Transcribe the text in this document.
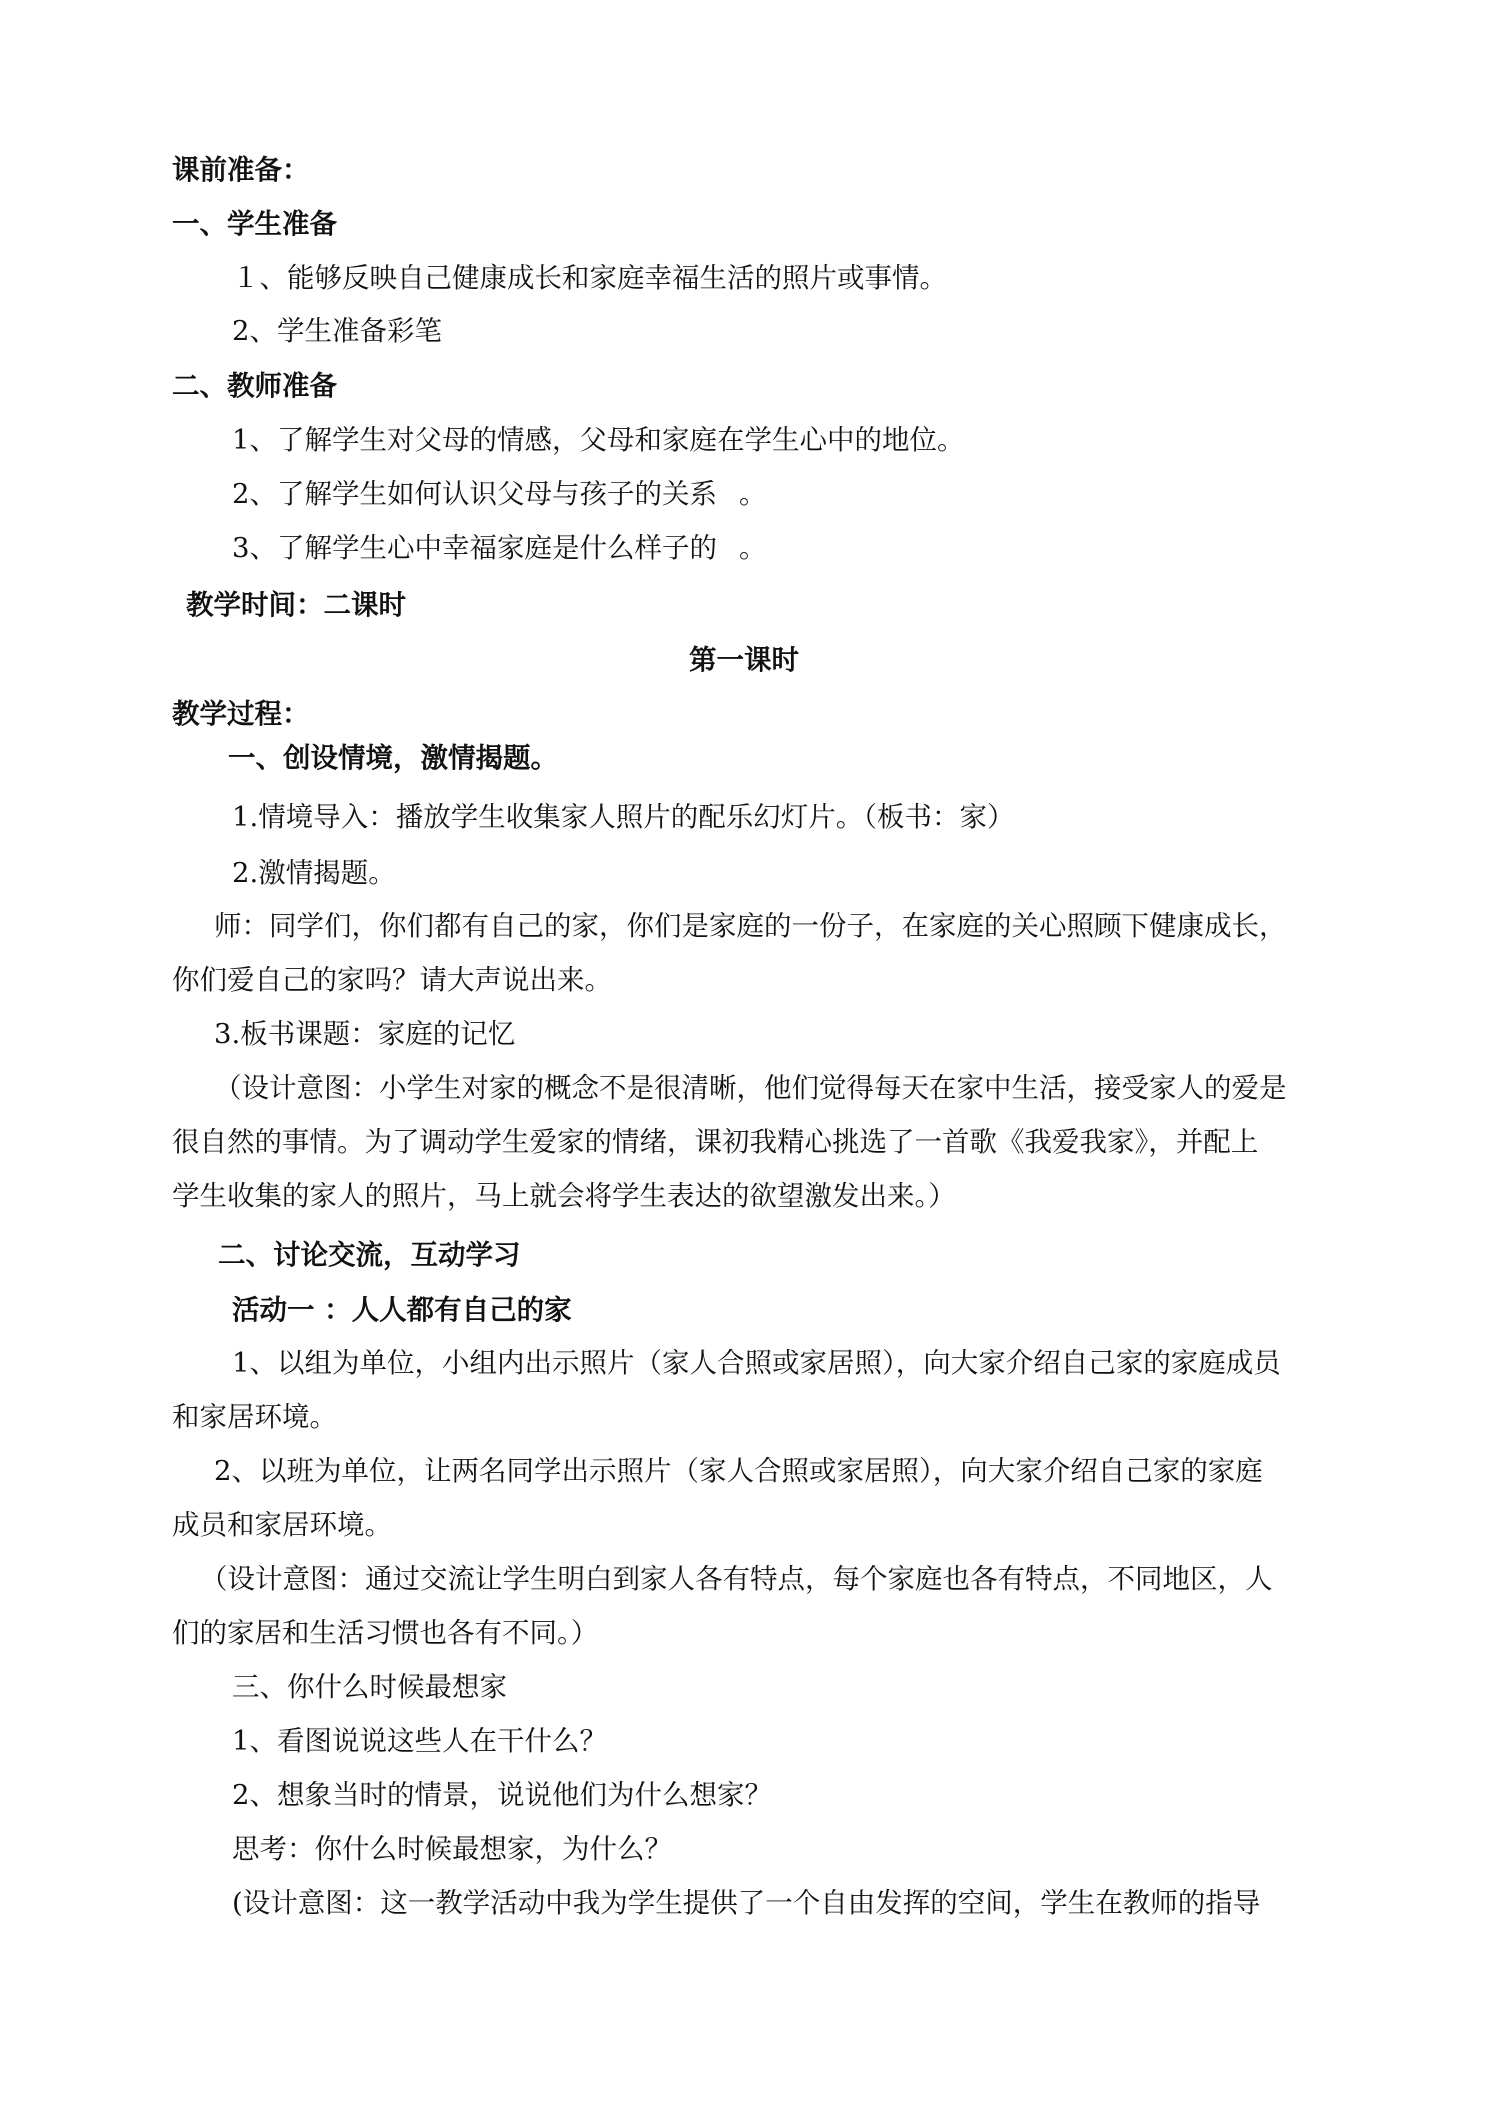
课前准备：
一、学生准备
１、能够反映自己健康成长和家庭幸福生活的照片或事情。
2、学生准备彩笔
二、教师准备
1、了解学生对父母的情感，父母和家庭在学生心中的地位。
2、了解学生如何认识父母与孩子的关系 。
3、了解学生心中幸福家庭是什么样子的 。
教学时间：二课时
第一课时
教学过程：
一、创设情境，激情揭题。
1.情境导入：播放学生收集家人照片的配乐幻灯片。（板书：家）
2.激情揭题。
师：同学们，你们都有自己的家，你们是家庭的一份子，在家庭的关心照顾下健康成长，
你们爱自己的家吗？请大声说出来。
3.板书课题：家庭的记忆
（设计意图：小学生对家的概念不是很清晰，他们觉得每天在家中生活，接受家人的爱是
很自然的事情。为了调动学生爱家的情绪，课初我精心挑选了一首歌《我爱我家》，并配上
学生收集的家人的照片，马上就会将学生表达的欲望激发出来。）
二、讨论交流，互动学习
活动一 ：人人都有自己的家
1、以组为单位，小组内出示照片（家人合照或家居照），向大家介绍自己家的家庭成员
和家居环境。
2、以班为单位，让两名同学出示照片（家人合照或家居照），向大家介绍自己家的家庭
成员和家居环境。
（设计意图：通过交流让学生明白到家人各有特点，每个家庭也各有特点，不同地区，人
们的家居和生活习惯也各有不同。）
三、你什么时候最想家
1、看图说说这些人在干什么？
2、想象当时的情景，说说他们为什么想家？
思考：你什么时候最想家，为什么？
(设计意图：这一教学活动中我为学生提供了一个自由发挥的空间，学生在教师的指导
